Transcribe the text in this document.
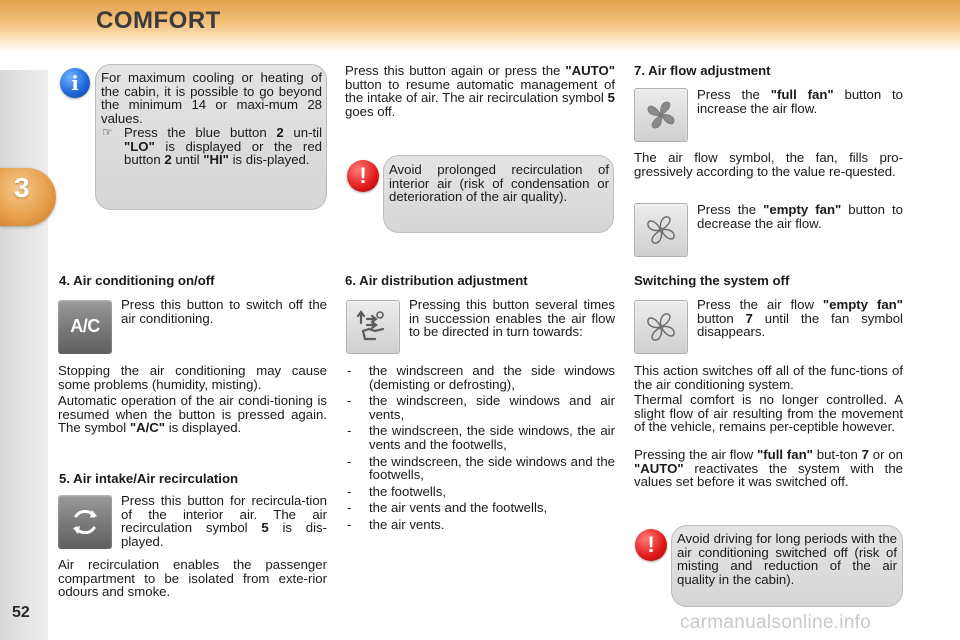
COMFORT
3
52	carmanualsonline.info
i	For maximum cooling or heating of the cabin, it is possible to go beyond the minimum 14 or maxi-mum 28 values.
☞ Press the blue button 2 un-til "LO" is displayed or the red button 2 until "HI" is dis-played.
Press this button again or press the "AUTO" button to resume automatic management of the intake of air. The air recirculation symbol 5 goes off.
!	Avoid prolonged recirculation of interior air (risk of condensation or deterioration of the air quality).
7. Air flow adjustment
Press the "full fan" button to increase the air flow.
The air flow symbol, the fan, fills pro-gressively according to the value re-quested.
Press the "empty fan" button to decrease the air flow.
4. Air conditioning on/off
A/C
Press this button to switch off the air conditioning.
Stopping the air conditioning may cause some problems (humidity, misting).
Automatic operation of the air condi-tioning is resumed when the button is pressed again. The symbol "A/C" is displayed.
5. Air intake/Air recirculation
Press this button for recircula-tion of the interior air. The air recirculation symbol 5 is dis-played.
Air recirculation enables the passenger compartment to be isolated from exte-rior odours and smoke.
6. Air distribution adjustment
Pressing this button several times in succession enables the air flow to be directed in turn towards:
- the windscreen and the side windows (demisting or defrosting),
- the windscreen, side windows and air vents,
- the windscreen, the side windows, the air vents and the footwells,
- the windscreen, the side windows and the footwells,
- the footwells,
- the air vents and the footwells,
- the air vents.
Switching the system off
Press the air flow "empty fan" button 7 until the fan symbol disappears.
This action switches off all of the func-tions of the air conditioning system.
Thermal comfort is no longer controlled. A slight flow of air resulting from the movement of the vehicle, remains per-ceptible however.
Pressing the air flow "full fan" but-ton 7 or on "AUTO" reactivates the system with the values set before it was switched off.
!	Avoid driving for long periods with the air conditioning switched off (risk of misting and reduction of the air quality in the cabin).
